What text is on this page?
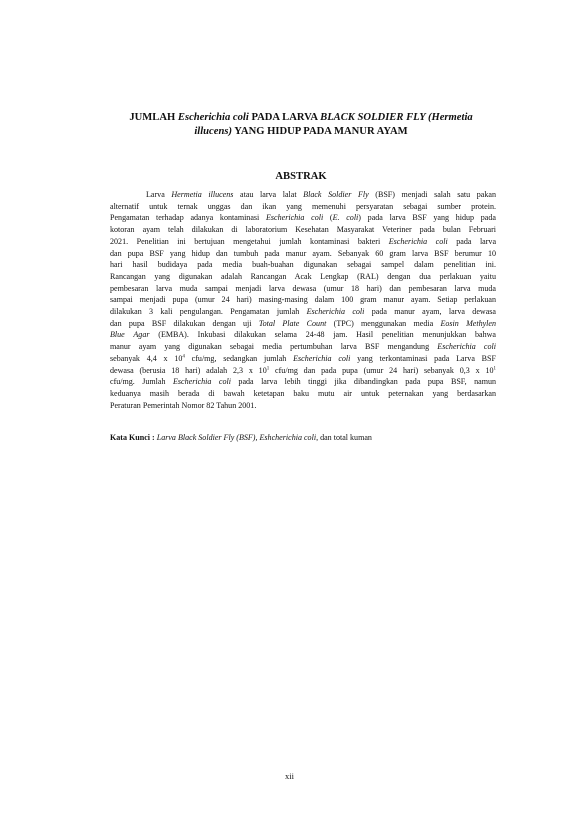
JUMLAH Escherichia coli PADA LARVA BLACK SOLDIER FLY (Hermetia
illucens) YANG HIDUP PADA MANUR AYAM
ABSTRAK
Larva Hermetia illucens atau larva lalat Black Soldier Fly (BSF) menjadi salah satu pakan
alternatif untuk ternak unggas dan ikan yang memenuhi persyaratan sebagai sumber protein.
Pengamatan terhadap adanya kontaminasi Escherichia coli (E. coli) pada larva BSF yang hidup pada
kotoran ayam telah dilakukan di laboratorium Kesehatan Masyarakat Veteriner pada bulan Februari
2021. Penelitian ini bertujuan mengetahui jumlah kontaminasi bakteri Escherichia coli pada larva
dan pupa BSF yang hidup dan tumbuh pada manur ayam. Sebanyak 60 gram larva BSF berumur 10
hari hasil budidaya pada media buah-buahan digunakan sebagai sampel dalam penelitian ini.
Rancangan yang digunakan adalah Rancangan Acak Lengkap (RAL) dengan dua perlakuan yaitu
pembesaran larva muda sampai menjadi larva dewasa (umur 18 hari) dan pembesaran larva muda
sampai menjadi pupa (umur 24 hari) masing-masing dalam 100 gram manur ayam. Setiap perlakuan
dilakukan 3 kali pengulangan. Pengamatan jumlah Escherichia coli pada manur ayam, larva dewasa
dan pupa BSF dilakukan dengan uji Total Plate Count (TPC) menggunakan media Eosin Methylen
Blue Agar (EMBA). Inkubasi dilakukan selama 24-48 jam. Hasil penelitian menunjukkan bahwa
manur ayam yang digunakan sebagai media pertumbuhan larva BSF mengandung Escherichia coli
sebanyak 4,4 x $10^4$ cfu/mg, sedangkan jumlah Escherichia coli yang terkontaminasi pada Larva BSF
dewasa (berusia 18 hari) adalah 2,3 x $10^1$ cfu/mg dan pada pupa (umur 24 hari) sebanyak 0,3 x $10^1$
cfu/mg. Jumlah Escherichia coli pada larva lebih tinggi jika dibandingkan pada pupa BSF, namun
keduanya masih berada di bawah ketetapan baku mutu air untuk peternakan yang berdasarkan
Peraturan Pemerintah Nomor 82 Tahun 2001.
Kata Kunci : Larva Black Soldier Fly (BSF), Eshcherichia coli, dan total kuman
xii
